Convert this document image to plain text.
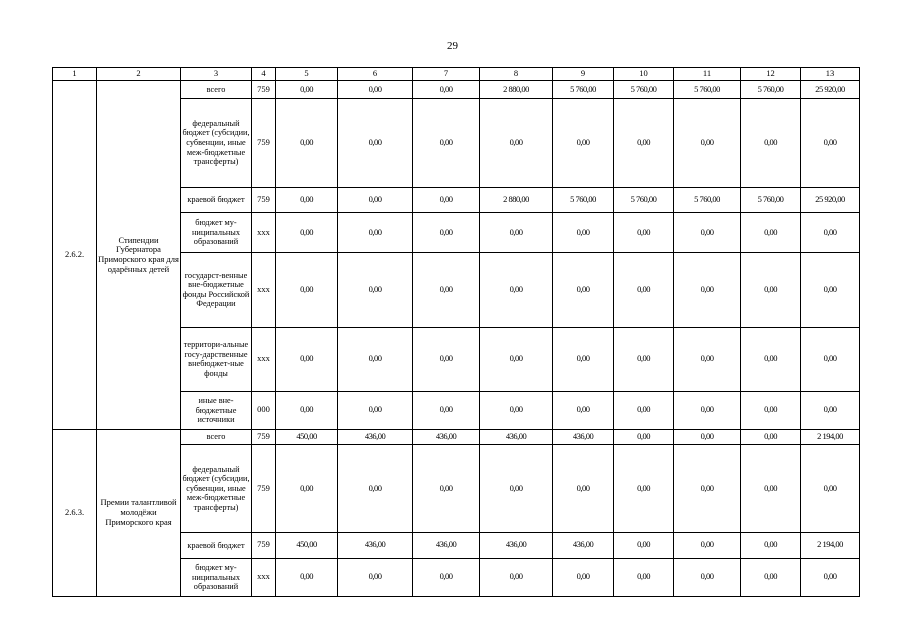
29
1	2	3	4	5	6	7	8	9	10	11	12	13
2.6.2.	Стипендии Губернатора Приморского края для одарённых детей	всего	759	0,00	0,00	0,00	2 880,00	5 760,00	5 760,00	5 760,00	5 760,00	25 920,00
		федеральный бюджет (субсидии, субвенции, иные меж-бюджетные трансферты)	759	0,00	0,00	0,00	0,00	0,00	0,00	0,00	0,00	0,00
		краевой бюджет	759	0,00	0,00	0,00	2 880,00	5 760,00	5 760,00	5 760,00	5 760,00	25 920,00
		бюджет му-ниципальных образований	xxx	0,00	0,00	0,00	0,00	0,00	0,00	0,00	0,00	0,00
		государст-венные вне-бюджетные фонды Российской Федерации	xxx	0,00	0,00	0,00	0,00	0,00	0,00	0,00	0,00	0,00
		территори-альные госу-дарственные внебюджет-ные фонды	xxx	0,00	0,00	0,00	0,00	0,00	0,00	0,00	0,00	0,00
		иные вне-бюджетные источники	000	0,00	0,00	0,00	0,00	0,00	0,00	0,00	0,00	0,00
2.6.3.	Премии талантливой молодёжи Приморского края	всего	759	450,00	436,00	436,00	436,00	436,00	0,00	0,00	0,00	2 194,00
		федеральный бюджет (субсидии, субвенции, иные меж-бюджетные трансферты)	759	0,00	0,00	0,00	0,00	0,00	0,00	0,00	0,00	0,00
		краевой бюджет	759	450,00	436,00	436,00	436,00	436,00	0,00	0,00	0,00	2 194,00
		бюджет му-ниципальных образований	xxx	0,00	0,00	0,00	0,00	0,00	0,00	0,00	0,00	0,00
